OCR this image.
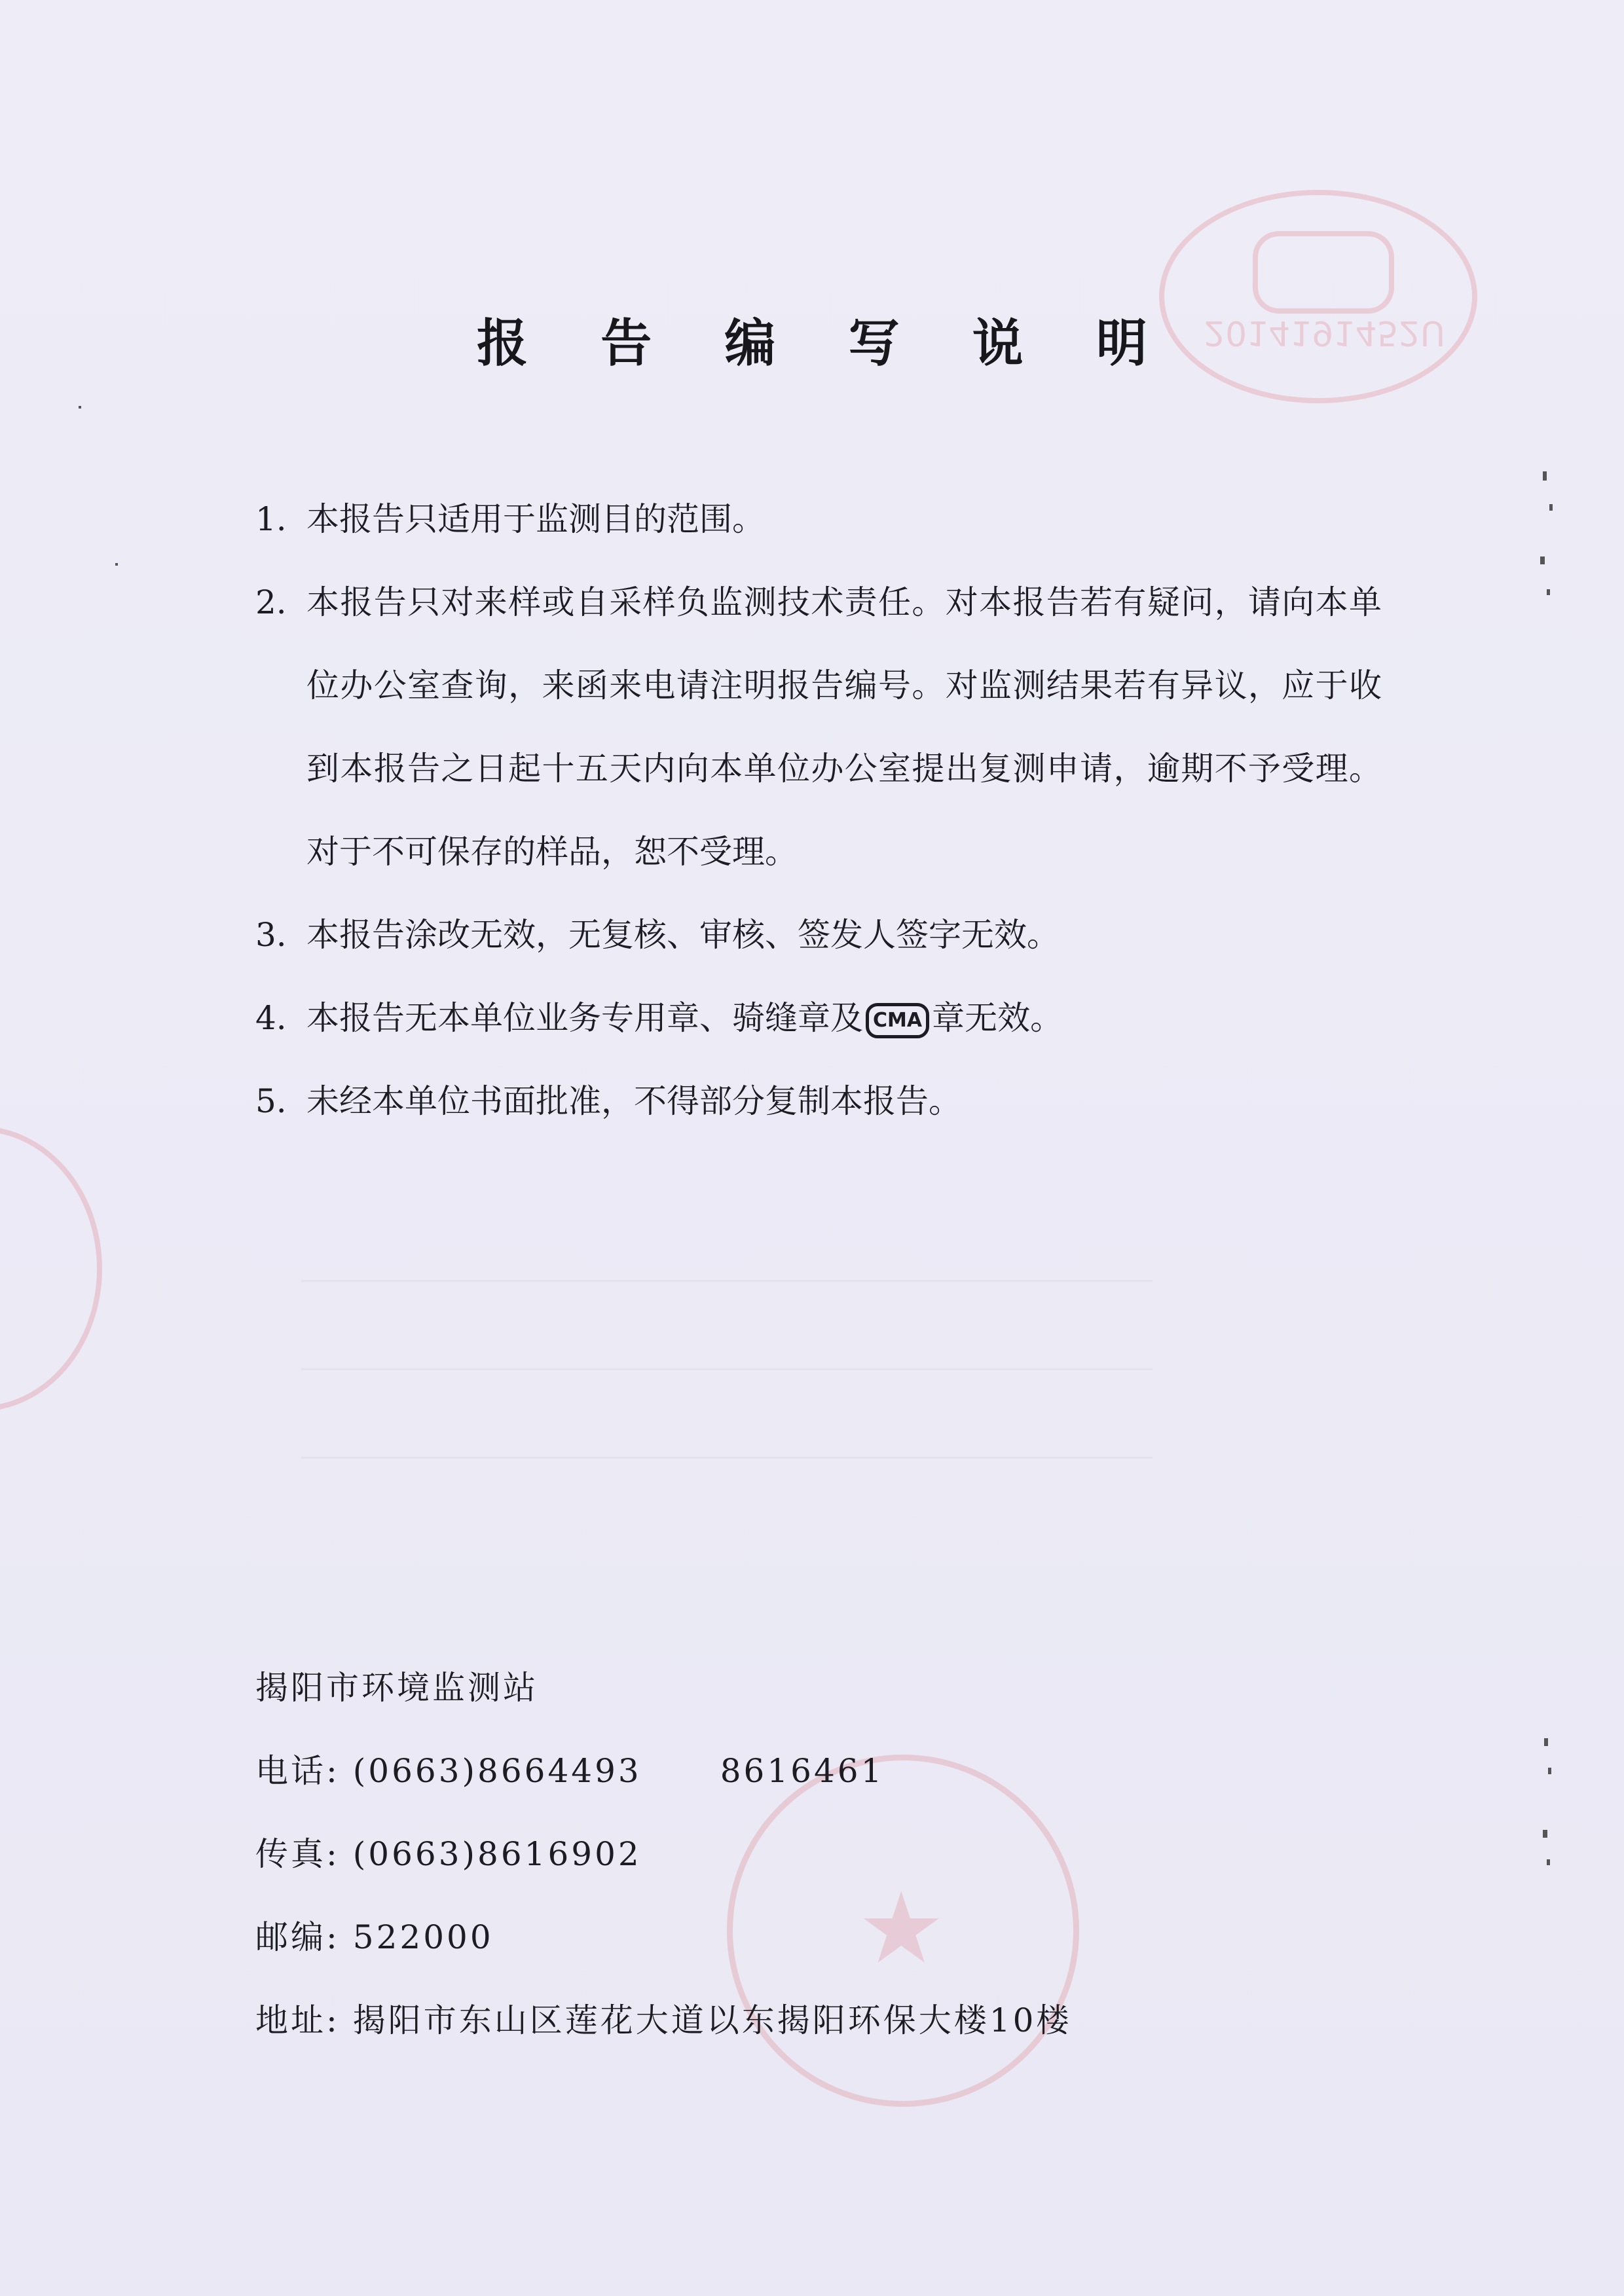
2014191452U
★
报 告 编 写 说 明
1. 本报告只适用于监测目的范围。
2. 本报告只对来样或自采样负监测技术责任。对本报告若有疑问，请向本单位办公室查询，来函来电请注明报告编号。对监测结果若有异议，应于收到本报告之日起十五天内向本单位办公室提出复测申请，逾期不予受理。对于不可保存的样品，恕不受理。
3. 本报告涂改无效，无复核、审核、签发人签字无效。
4. 本报告无本单位业务专用章、骑缝章及 CMA 章无效。
5. 未经本单位书面批准，不得部分复制本报告。
揭阳市环境监测站
电话: (0663)8664493 8616461
传真: (0663)8616902
邮编: 522000
地址: 揭阳市东山区莲花大道以东揭阳环保大楼10楼
